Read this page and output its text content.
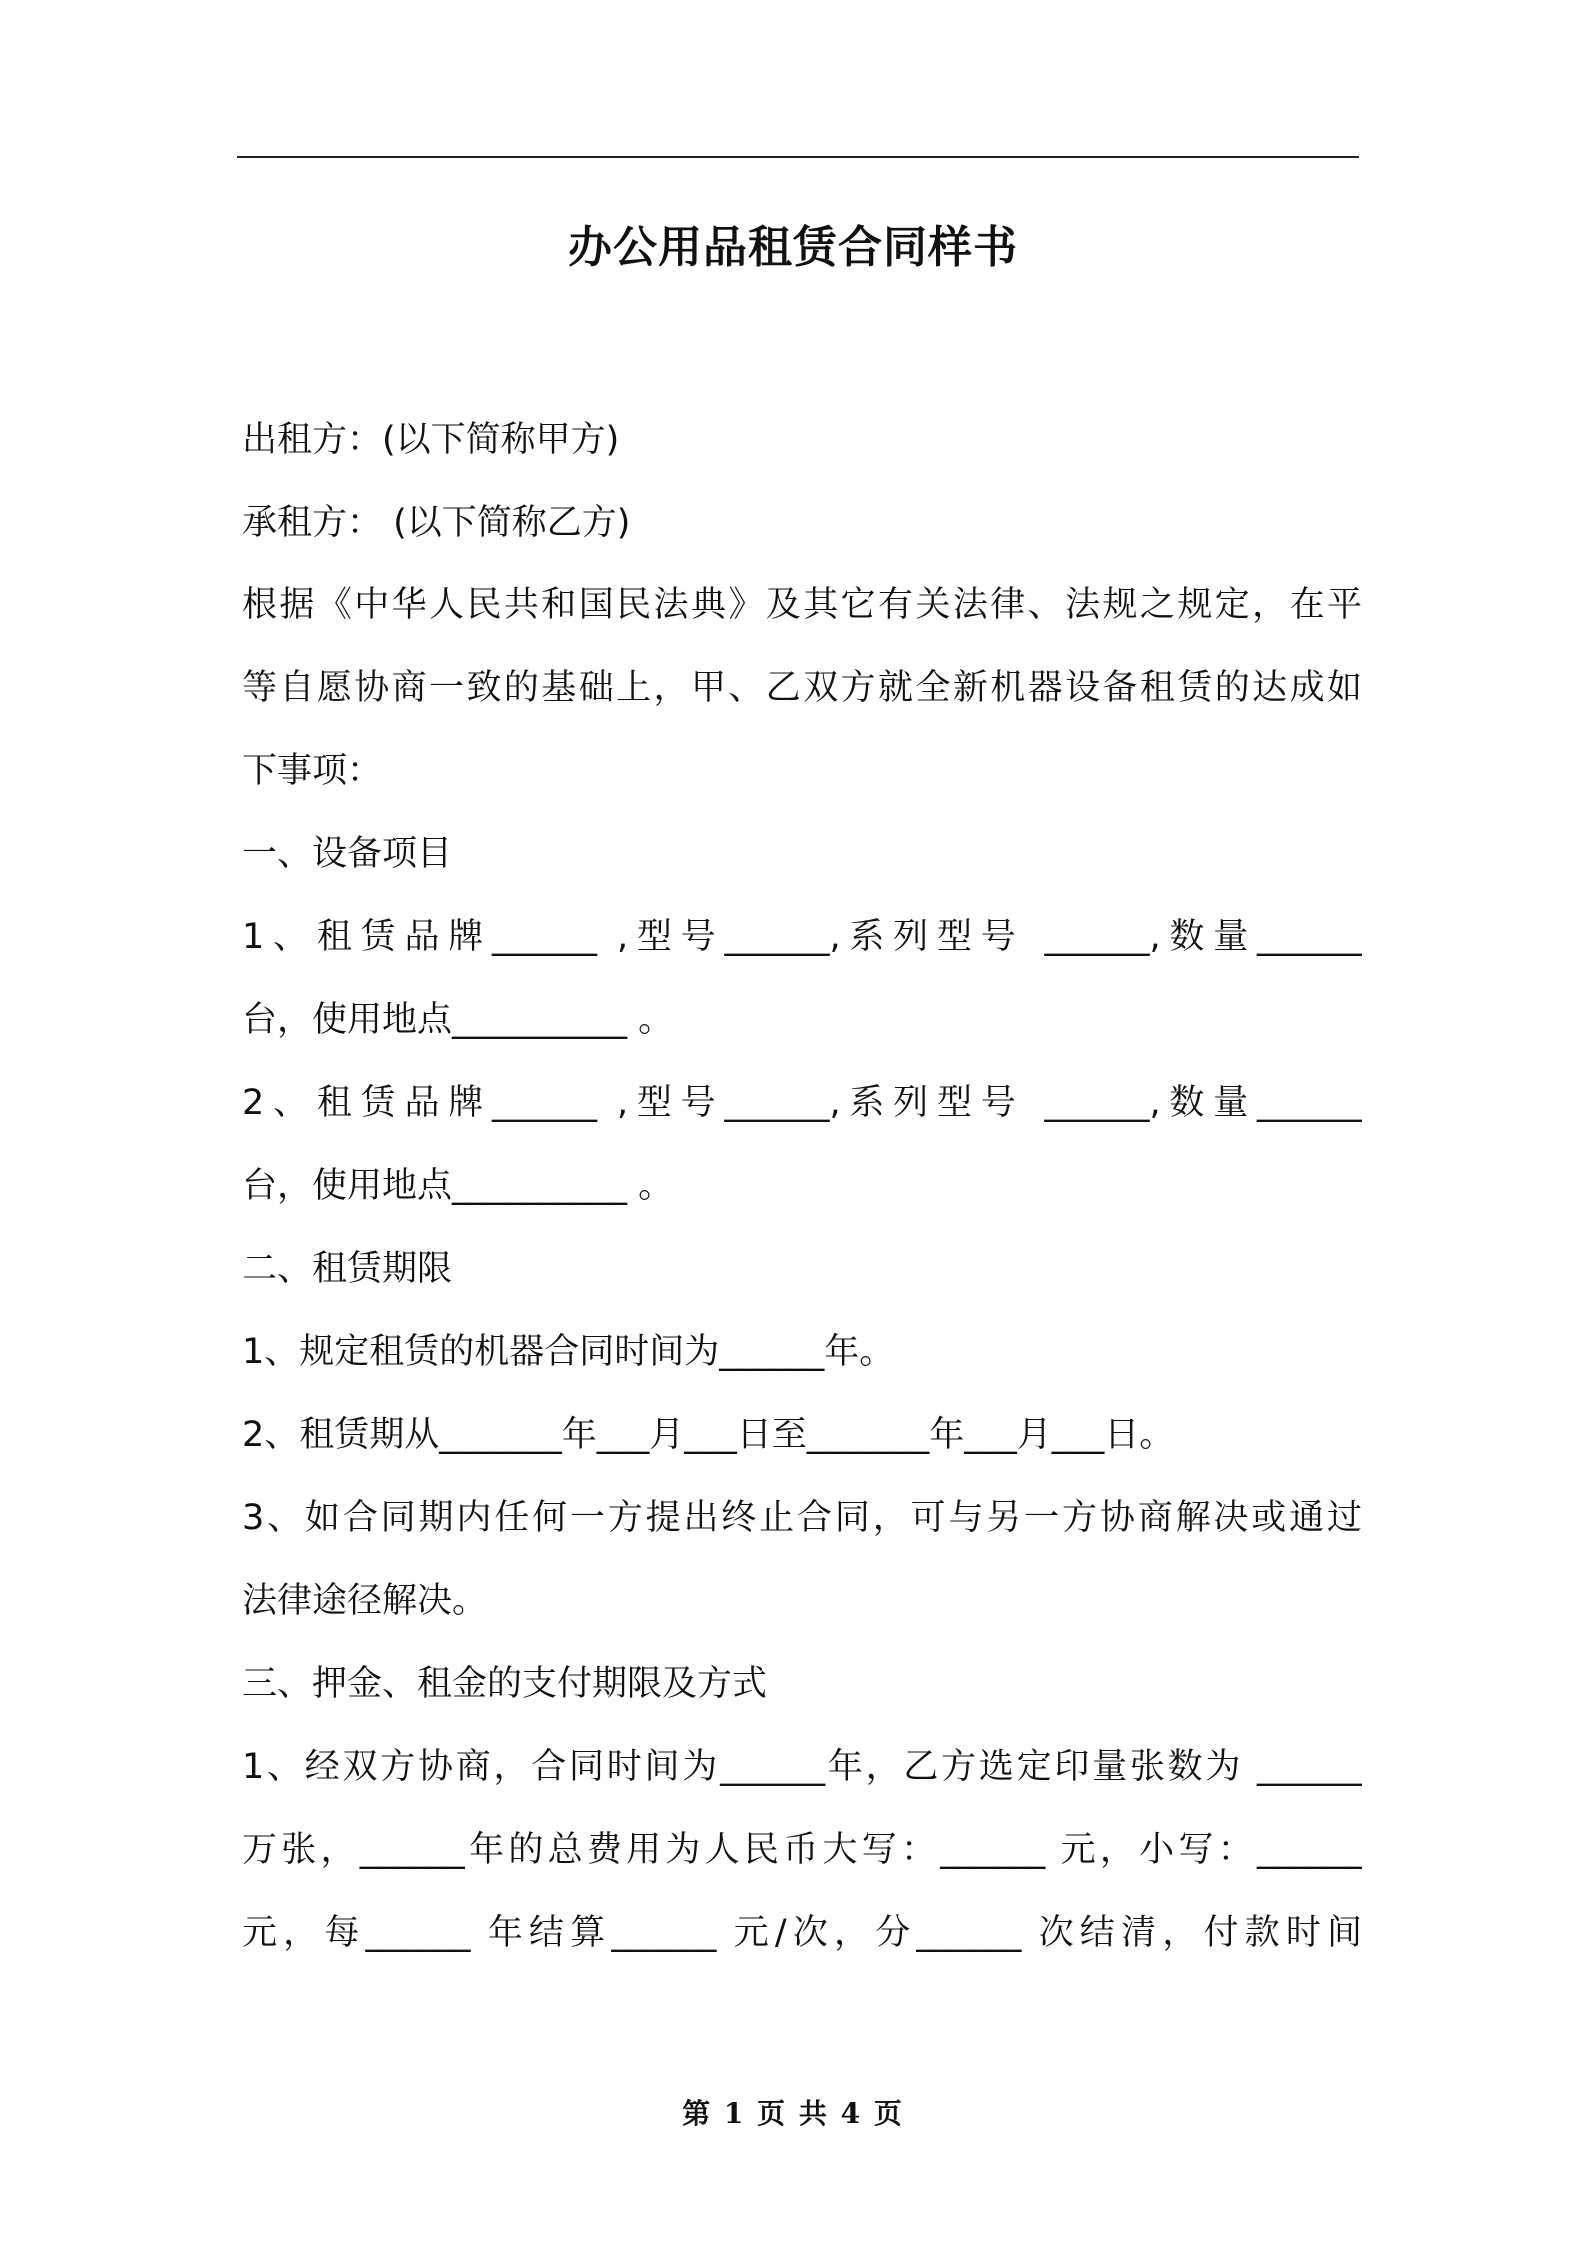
办公用品租赁合同样书
出租方：(以下简称甲方)
承租方： (以下简称乙方)
根据《中华人民共和国民法典》及其它有关法律、法规之规定，在平
等自愿协商一致的基础上，甲、乙双方就全新机器设备租赁的达成如
下事项：
一、设备项目
1、租赁品牌______ ,型号______,系列型号 ______,数量______
台，使用地点__________ 。
2、租赁品牌______ ,型号______,系列型号 ______,数量______
台，使用地点__________ 。
二、租赁期限
1、规定租赁的机器合同时间为______年。
2、租赁期从_______年___月___日至_______年___月___日。
3、如合同期内任何一方提出终止合同，可与另一方协商解决或通过
法律途径解决。
三、押金、租金的支付期限及方式
1、经双方协商，合同时间为______年，乙方选定印量张数为 ______
万张，______年的总费用为人民币大写：______ 元，小写：______
元，每______ 年结算______ 元/次，分______ 次结清，付款时间
第 1 页 共 4 页
